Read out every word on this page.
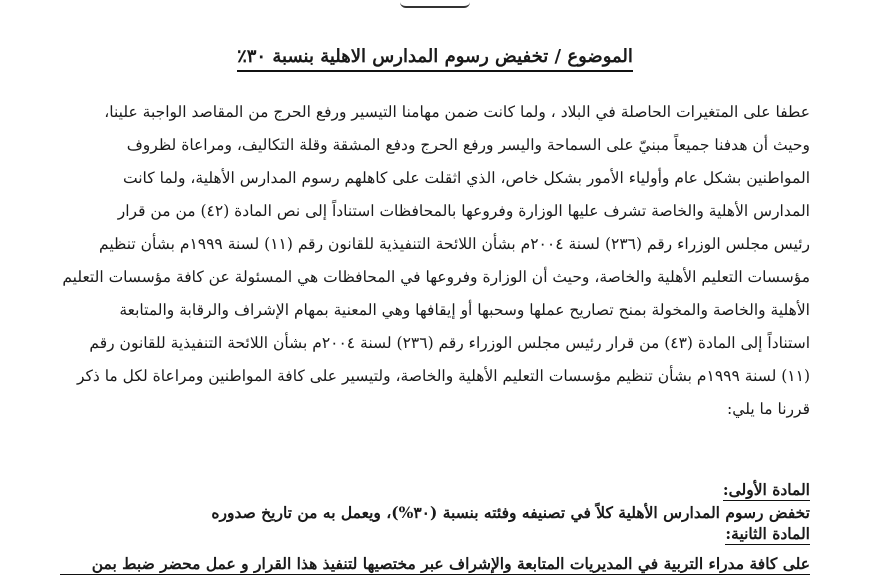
الموضوع / تخفيض رسوم المدارس الاهلية بنسبة ٣٠٪
عطفا على المتغيرات الحاصلة في البلاد ، ولما كانت ضمن مهامنا التيسير ورفع الحرج من المقاصد الواجبة علينا،
وحيث أن هدفنا جميعاً مبنيّ على السماحة واليسر ورفع الحرج ودفع المشقة وقلة التكاليف، ومراعاة لظروف
المواطنين بشكل عام وأولياء الأمور بشكل خاص، الذي اثقلت على كاهلهم رسوم المدارس الأهلية، ولما كانت
المدارس الأهلية والخاصة تشرف عليها الوزارة وفروعها بالمحافظات استناداً إلى نص المادة (٤٢) من من قرار
رئيس مجلس الوزراء رقم (٢٣٦) لسنة ٢٠٠٤م بشأن اللائحة التنفيذية للقانون رقم (١١) لسنة ١٩٩٩م بشأن تنظيم
مؤسسات التعليم الأهلية والخاصة، وحيث أن الوزارة وفروعها في المحافظات هي المسئولة عن كافة مؤسسات التعليم
الأهلية والخاصة والمخولة بمنح تصاريح عملها وسحبها أو إيقافها وهي المعنية بمهام الإشراف والرقابة والمتابعة
استناداً إلى المادة (٤٣) من قرار رئيس مجلس الوزراء رقم (٢٣٦) لسنة ٢٠٠٤م بشأن اللائحة التنفيذية للقانون رقم
(١١) لسنة ١٩٩٩م بشأن تنظيم مؤسسات التعليم الأهلية والخاصة، ولتيسير على كافة المواطنين ومراعاة لكل ما ذكر
قررنا ما يلي:
المادة الأولى:
تخفض رسوم المدارس الأهلية كلاً في تصنيفه وفئته بنسبة (٣٠%)، ويعمل به من تاريخ صدوره
المادة الثانية:
على كافة مدراء التربية في المديريات المتابعة والإشراف عبر مختصيها لتنفيذ هذا القرار و عمل محضر ضبط بمن
